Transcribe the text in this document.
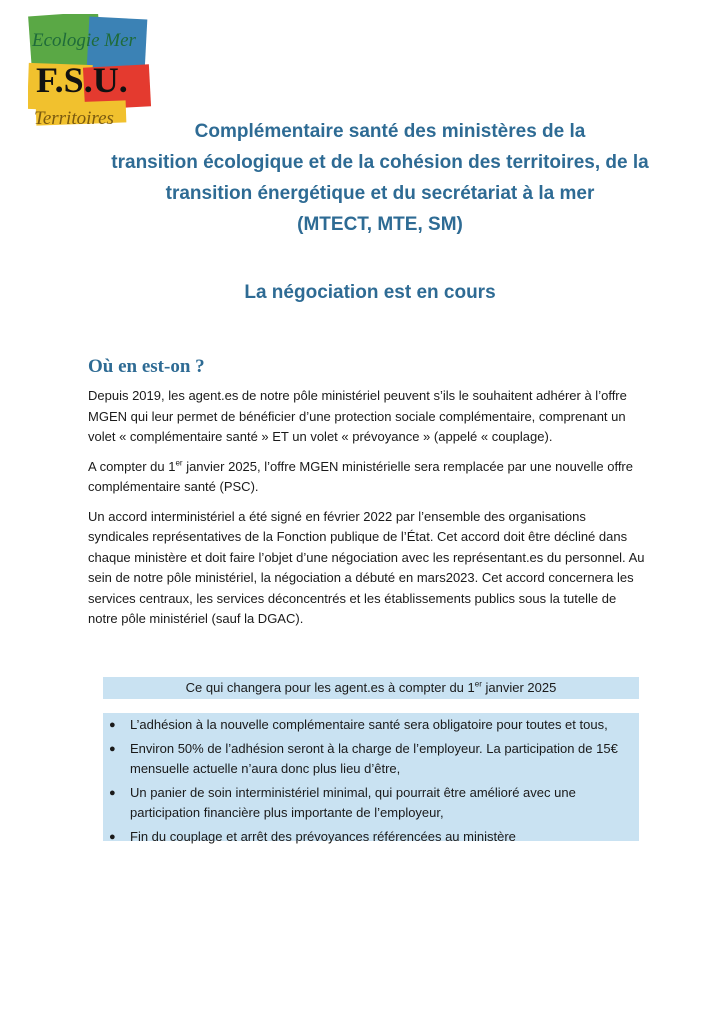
Ecologie Mer
F.S.U.
Territoires
Complémentaire santé des ministères de la
transition écologique et de la cohésion des territoires, de la
transition énergétique et du secrétariat à la mer
(MTECT, MTE, SM)
La négociation est en cours
Où en est-on ?

Depuis 2019, les agent.es de notre pôle ministériel peuvent s’ils le souhaitent adhérer à l’offre MGEN qui leur permet de bénéficier d’une protection sociale complémentaire, comprenant un volet « complémentaire santé » ET un volet « prévoyance » (appelé « couplage).

A compter du 1er janvier 2025, l’offre MGEN ministérielle sera remplacée par une nouvelle offre complémentaire santé (PSC).

Un accord interministériel a été signé en février 2022 par l’ensemble des organisations syndicales représentatives de la Fonction publique de l’État. Cet accord doit être décliné dans chaque ministère et doit faire l’objet d’une négociation avec les représentant.es du personnel. Au sein de notre pôle ministériel, la négociation a débuté en mars2023. Cet accord concernera les services centraux, les services déconcentrés et les établissements publics sous la tutelle de notre pôle ministériel (sauf la DGAC).

Ce qui changera pour les agent.es à compter du 1er janvier 2025
● L’adhésion à la nouvelle complémentaire santé sera obligatoire pour toutes et tous,
● Environ 50% de l’adhésion seront à la charge de l’employeur. La participation de 15€ mensuelle actuelle n’aura donc plus lieu d’être,
● Un panier de soin interministériel minimal, qui pourrait être amélioré avec une participation financière plus importante de l’employeur,
● Fin du couplage et arrêt des prévoyances référencées au ministère
